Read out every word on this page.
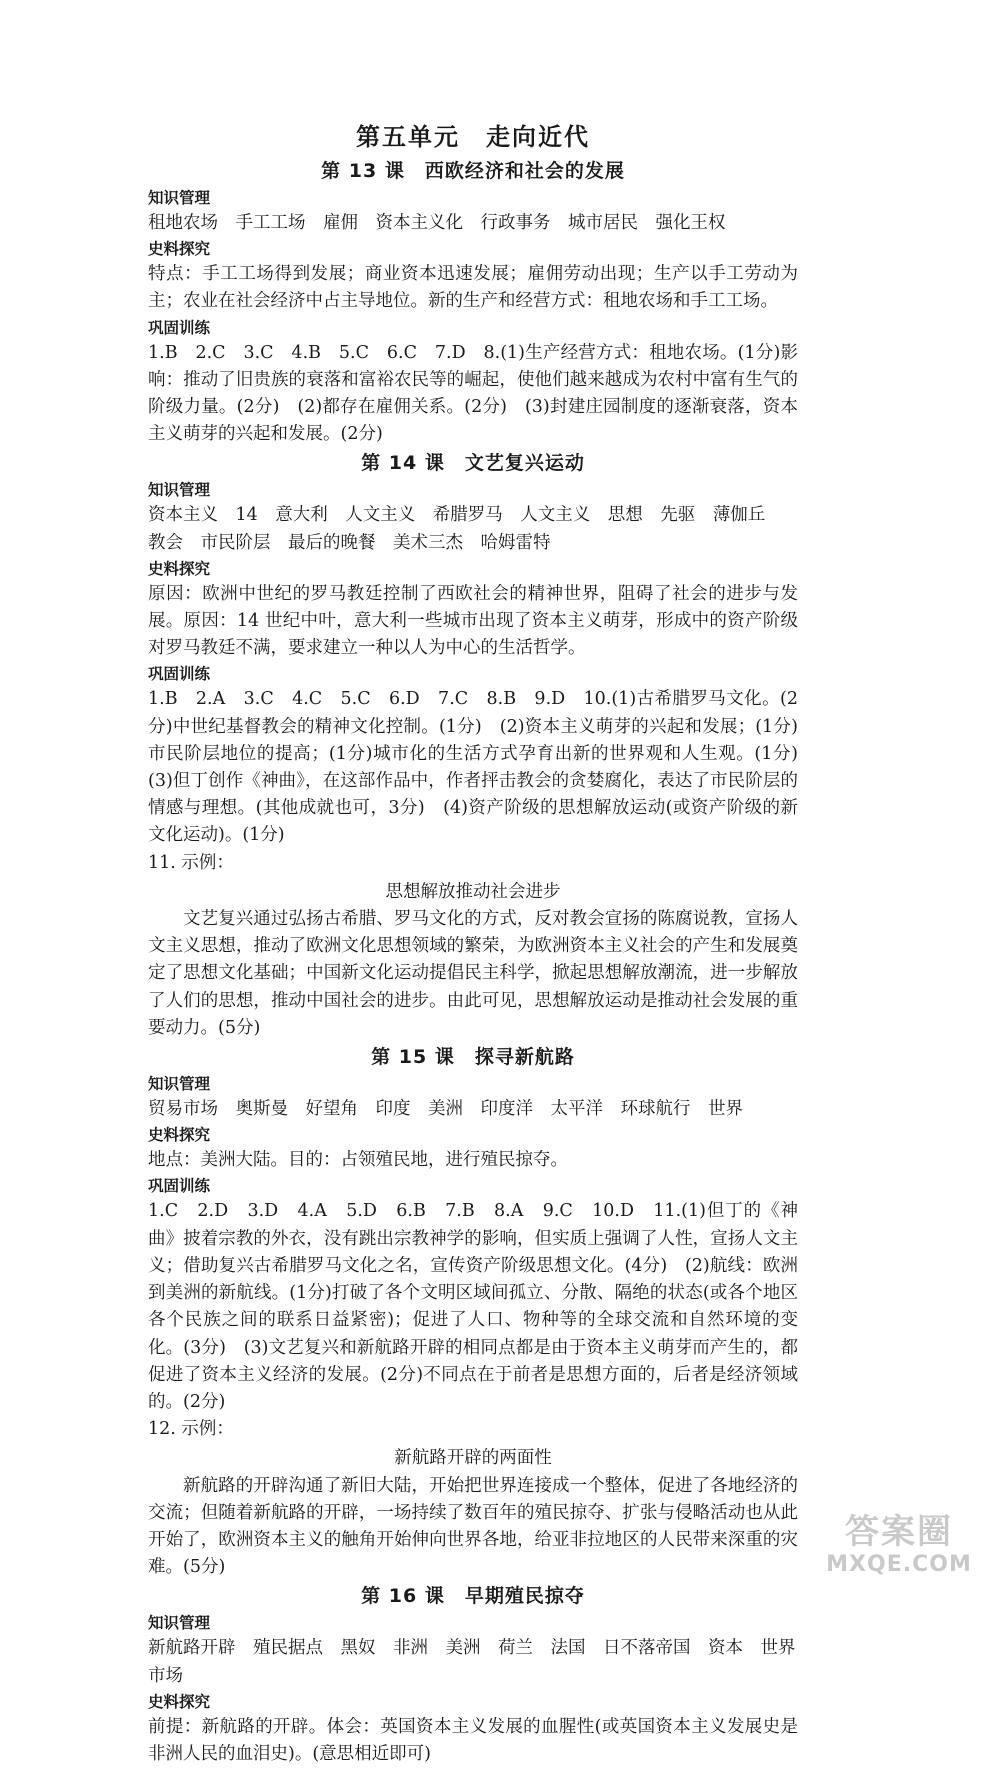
第五单元　走向近代
第 13 课　西欧经济和社会的发展
知识管理

租地农场　手工工场　雇佣　资本主义化　行政事务　城市居民　强化王权

史料探究

特点：手工工场得到发展；商业资本迅速发展；雇佣劳动出现；生产以手工劳动为主；农业在社会经济中占主导地位。新的生产和经营方式：租地农场和手工工场。

巩固训练

1.B　2.C　3.C　4.B　5.C　6.C　7.D　8.(1)生产经营方式：租地农场。(1分)影响：推动了旧贵族的衰落和富裕农民等的崛起，使他们越来越成为农村中富有生气的阶级力量。(2分)　(2)都存在雇佣关系。(2分)　(3)封建庄园制度的逐渐衰落，资本主义萌芽的兴起和发展。(2分)

第 14 课　文艺复兴运动
知识管理

资本主义　14　意大利　人文主义　希腊罗马　人文主义　思想　先驱　薄伽丘　教会　市民阶层　最后的晚餐　美术三杰　哈姆雷特

史料探究

原因：欧洲中世纪的罗马教廷控制了西欧社会的精神世界，阻碍了社会的进步与发展。原因：14 世纪中叶，意大利一些城市出现了资本主义萌芽，形成中的资产阶级对罗马教廷不满，要求建立一种以人为中心的生活哲学。

巩固训练

1.B　2.A　3.C　4.C　5.C　6.D　7.C　8.B　9.D　10.(1)古希腊罗马文化。(2分)中世纪基督教会的精神文化控制。(1分)　(2)资本主义萌芽的兴起和发展；(1分)市民阶层地位的提高；(1分)城市化的生活方式孕育出新的世界观和人生观。(1分)　(3)但丁创作《神曲》，在这部作品中，作者抨击教会的贪婪腐化，表达了市民阶层的情感与理想。(其他成就也可，3分)　(4)资产阶级的思想解放运动(或资产阶级的新文化运动)。(1分)

11. 示例：

思想解放推动社会进步

文艺复兴通过弘扬古希腊、罗马文化的方式，反对教会宣扬的陈腐说教，宣扬人文主义思想，推动了欧洲文化思想领域的繁荣，为欧洲资本主义社会的产生和发展奠定了思想文化基础；中国新文化运动提倡民主科学，掀起思想解放潮流，进一步解放了人们的思想，推动中国社会的进步。由此可见，思想解放运动是推动社会发展的重要动力。(5分)

第 15 课　探寻新航路
知识管理

贸易市场　奥斯曼　好望角　印度　美洲　印度洋　太平洋　环球航行　世界

史料探究

地点：美洲大陆。目的：占领殖民地，进行殖民掠夺。

巩固训练

1.C　2.D　3.D　4.A　5.D　6.B　7.B　8.A　9.C　10.D　11.(1)但丁的《神曲》披着宗教的外衣，没有跳出宗教神学的影响，但实质上强调了人性，宣扬人文主义；借助复兴古希腊罗马文化之名，宣传资产阶级思想文化。(4分)　(2)航线：欧洲到美洲的新航线。(1分)打破了各个文明区域间孤立、分散、隔绝的状态(或各个地区各个民族之间的联系日益紧密)；促进了人口、物种等的全球交流和自然环境的变化。(3分)　(3)文艺复兴和新航路开辟的相同点都是由于资本主义萌芽而产生的，都促进了资本主义经济的发展。(2分)不同点在于前者是思想方面的，后者是经济领域的。(2分)

12. 示例：

新航路开辟的两面性

新航路的开辟沟通了新旧大陆，开始把世界连接成一个整体，促进了各地经济的交流；但随着新航路的开辟，一场持续了数百年的殖民掠夺、扩张与侵略活动也从此开始了，欧洲资本主义的触角开始伸向世界各地，给亚非拉地区的人民带来深重的灾难。(5分)

第 16 课　早期殖民掠夺
知识管理

新航路开辟　殖民据点　黑奴　非洲　美洲　荷兰　法国　日不落帝国　资本　世界市场

史料探究

前提：新航路的开辟。体会：英国资本主义发展的血腥性(或英国资本主义发展史是非洲人民的血泪史)。(意思相近即可)

答案圈
MXQE.COM
